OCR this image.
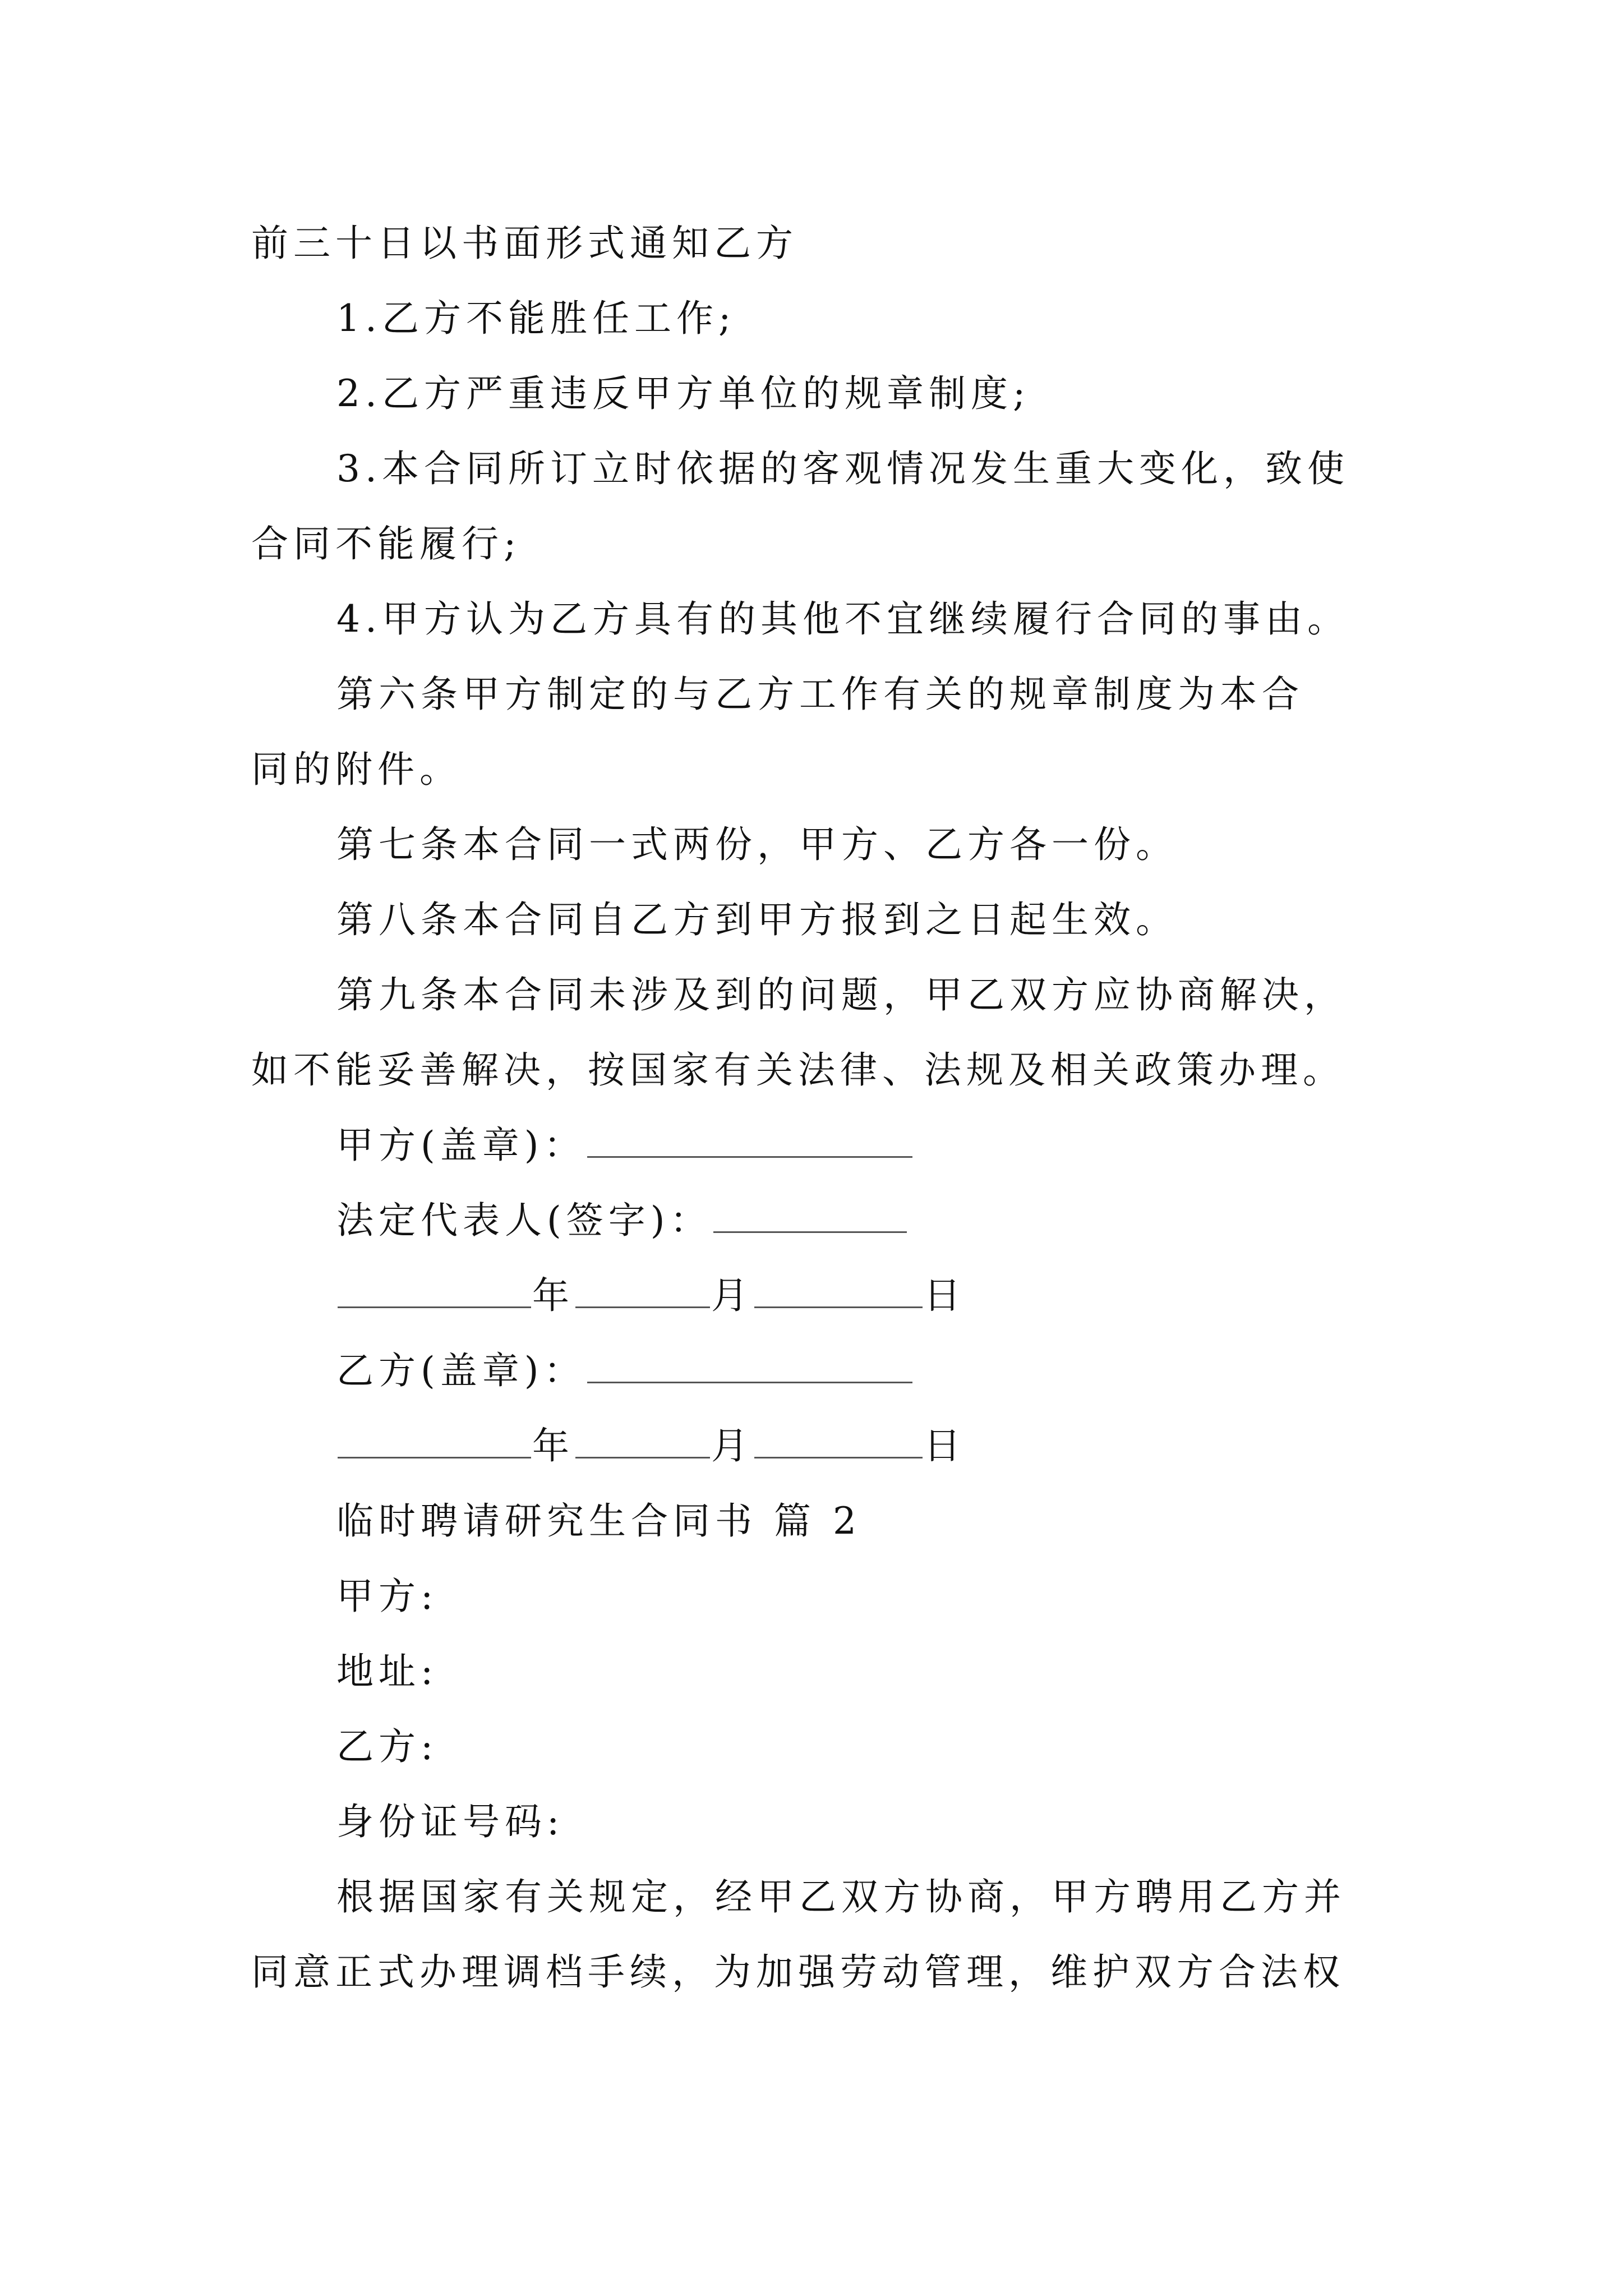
前三十日以书面形式通知乙方
1.乙方不能胜任工作;
2.乙方严重违反甲方单位的规章制度;
3.本合同所订立时依据的客观情况发生重大变化，致使
合同不能履行;
4.甲方认为乙方具有的其他不宜继续履行合同的事由。
第六条甲方制定的与乙方工作有关的规章制度为本合
同的附件。
第七条本合同一式两份，甲方、乙方各一份。
第八条本合同自乙方到甲方报到之日起生效。
第九条本合同未涉及到的问题，甲乙双方应协商解决，
如不能妥善解决，按国家有关法律、法规及相关政策办理。
甲方(盖章)：
法定代表人(签字)：
年	月	日
乙方(盖章)：
年	月	日
临时聘请研究生合同书 篇 2
甲方:
地址:
乙方:
身份证号码:
根据国家有关规定，经甲乙双方协商，甲方聘用乙方并
同意正式办理调档手续，为加强劳动管理，维护双方合法权
